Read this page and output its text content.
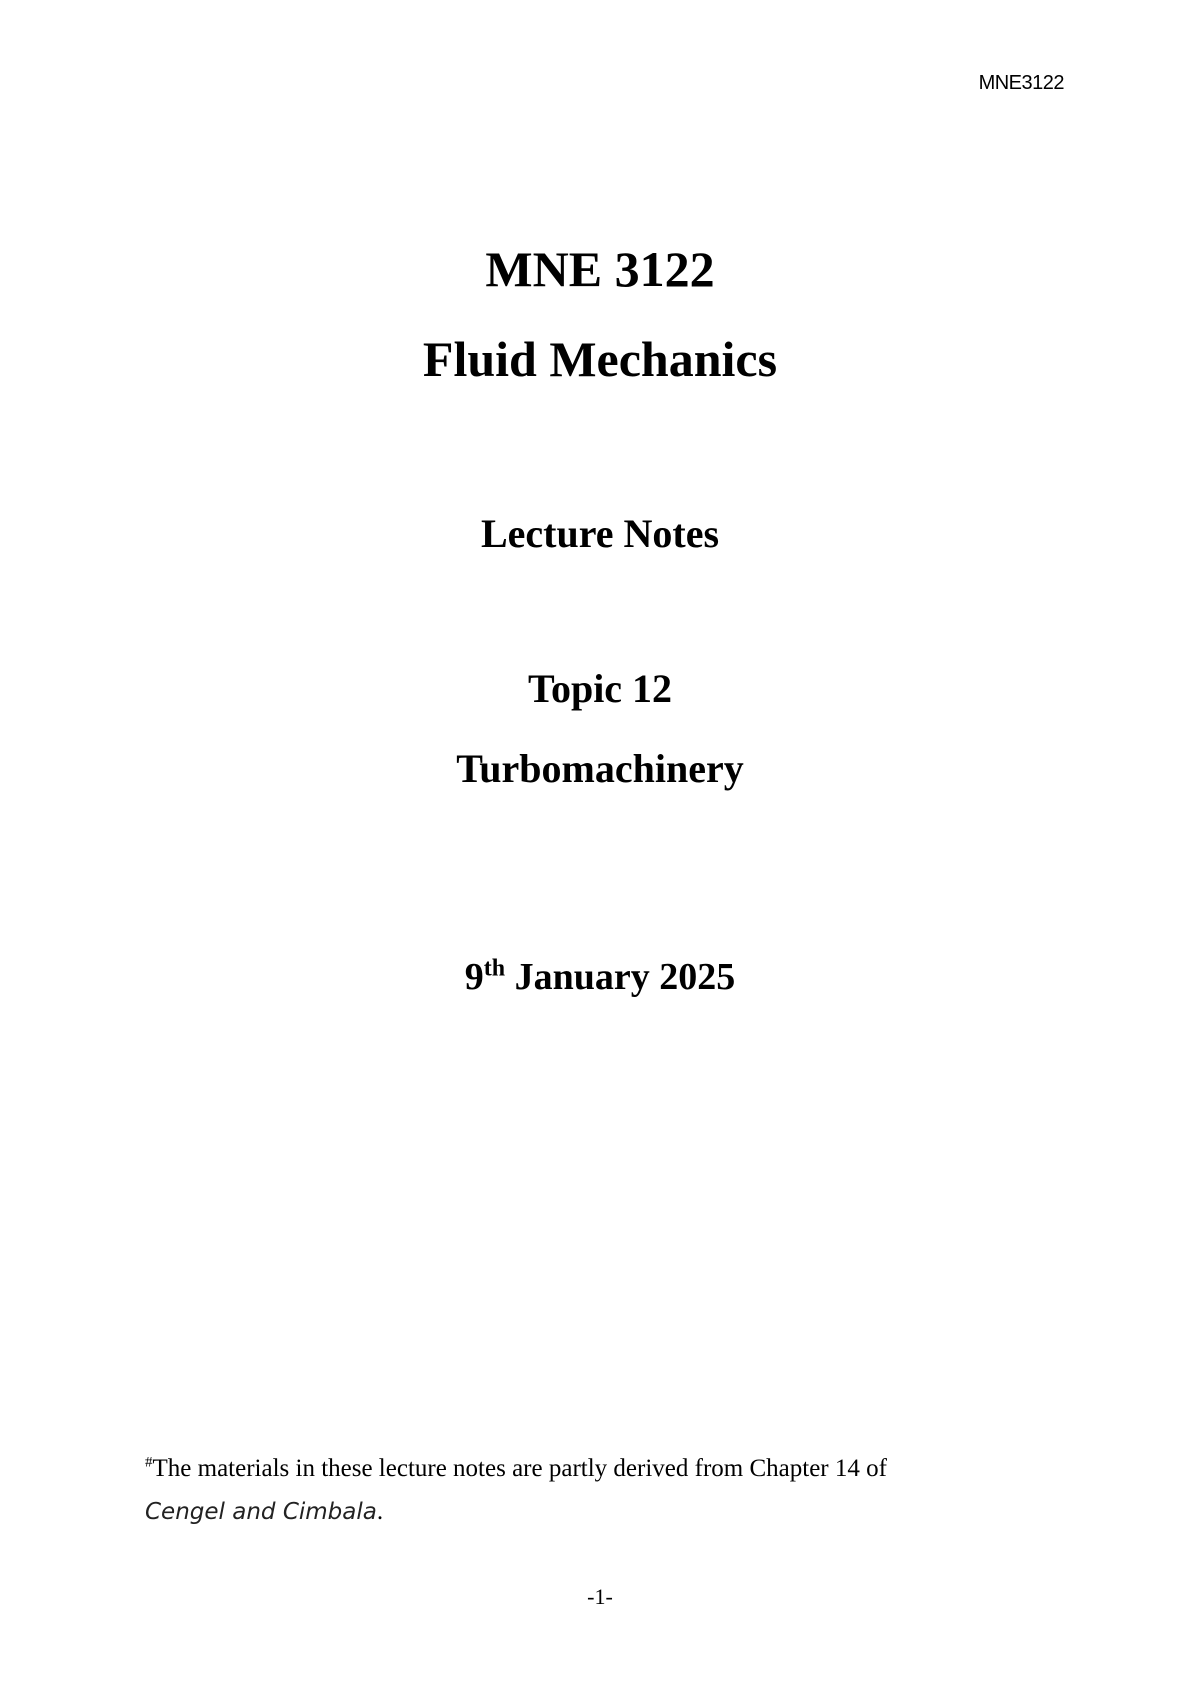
MNE3122
MNE 3122
Fluid Mechanics
Lecture Notes
Topic 12
Turbomachinery
9th January 2025
#The materials in these lecture notes are partly derived from Chapter 14 of
Cengel and Cimbala.
-1-
